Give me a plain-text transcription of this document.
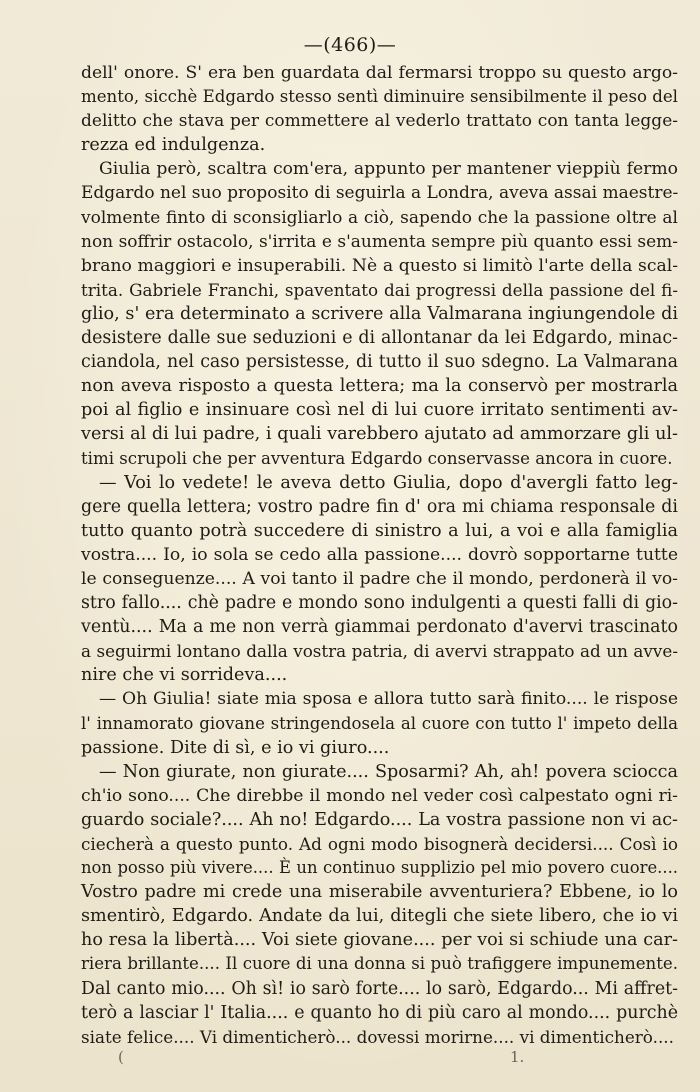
—(466)—
dell' onore. S' era ben guardata dal fermarsi troppo su questo argo-
mento, sicchè Edgardo stesso sentì diminuire sensibilmente il peso del
delitto che stava per commettere al vederlo trattato con tanta legge-
rezza ed indulgenza.
Giulia però, scaltra com'era, appunto per mantener vieppiù fermo
Edgardo nel suo proposito di seguirla a Londra, aveva assai maestre-
volmente finto di sconsigliarlo a ciò, sapendo che la passione oltre al
non soffrir ostacolo, s'irrita e s'aumenta sempre più quanto essi sem-
brano maggiori e insuperabili. Nè a questo si limitò l'arte della scal-
trita. Gabriele Franchi, spaventato dai progressi della passione del fi-
glio, s' era determinato a scrivere alla Valmarana ingiungendole di
desistere dalle sue seduzioni e di allontanar da lei Edgardo, minac-
ciandola, nel caso persistesse, di tutto il suo sdegno. La Valmarana
non aveva risposto a questa lettera; ma la conservò per mostrarla
poi al figlio e insinuare così nel di lui cuore irritato sentimenti av-
versi al di lui padre, i quali varebbero ajutato ad ammorzare gli ul-
timi scrupoli che per avventura Edgardo conservasse ancora in cuore.
— Voi lo vedete! le aveva detto Giulia, dopo d'avergli fatto leg-
gere quella lettera; vostro padre fin d' ora mi chiama responsale di
tutto quanto potrà succedere di sinistro a lui, a voi e alla famiglia
vostra.... Io, io sola se cedo alla passione.... dovrò sopportarne tutte
le conseguenze.... A voi tanto il padre che il mondo, perdonerà il vo-
stro fallo.... chè padre e mondo sono indulgenti a questi falli di gio-
ventù.... Ma a me non verrà giammai perdonato d'avervi trascinato
a seguirmi lontano dalla vostra patria, di avervi strappato ad un avve-
nire che vi sorrideva....
— Oh Giulia! siate mia sposa e allora tutto sarà finito.... le rispose
l' innamorato giovane stringendosela al cuore con tutto l' impeto della
passione. Dite di sì, e io vi giuro....
— Non giurate, non giurate.... Sposarmi? Ah, ah! povera sciocca
ch'io sono.... Che direbbe il mondo nel veder così calpestato ogni ri-
guardo sociale?.... Ah no! Edgardo.... La vostra passione non vi ac-
ciecherà a questo punto. Ad ogni modo bisognerà decidersi.... Così io
non posso più vivere.... È un continuo supplizio pel mio povero cuore....
Vostro padre mi crede una miserabile avventuriera? Ebbene, io lo
smentirò, Edgardo. Andate da lui, ditegli che siete libero, che io vi
ho resa la libertà.... Voi siete giovane.... per voi si schiude una car-
riera brillante.... Il cuore di una donna si può trafiggere impunemente.
Dal canto mio.... Oh sì! io sarò forte.... lo sarò, Edgardo... Mi affret-
terò a lasciar l' Italia.... e quanto ho di più caro al mondo.... purchè
siate felice.... Vi dimenticherò... dovessi morirne.... vi dimenticherò....
(	1.
